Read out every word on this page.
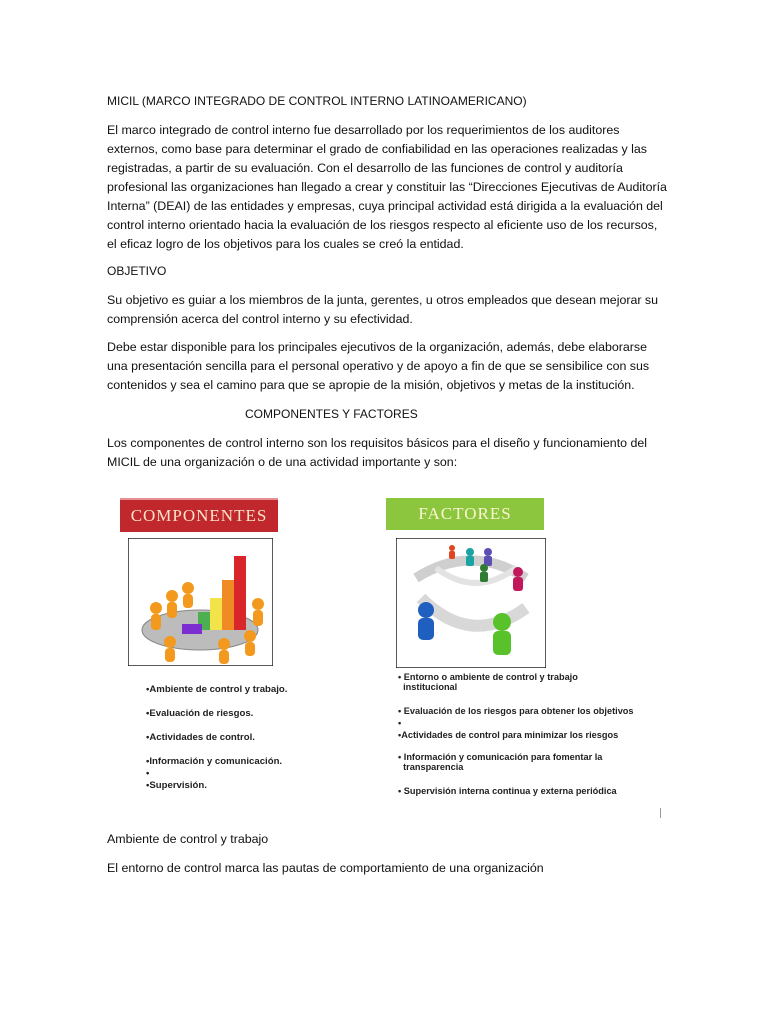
MICIL (MARCO INTEGRADO DE CONTROL INTERNO LATINOAMERICANO)

El marco integrado de control interno fue desarrollado por los requerimientos de los auditores externos, como base para determinar el grado de confiabilidad en las operaciones realizadas y las registradas, a partir de su evaluación. Con el desarrollo de las funciones de control y auditoría profesional las organizaciones han llegado a crear y constituir las “Direcciones Ejecutivas de Auditoría Interna” (DEAI) de las entidades y empresas, cuya principal actividad está dirigida a la evaluación del control interno orientado hacia la evaluación de los riesgos respecto al eficiente uso de los recursos, el eficaz logro de los objetivos para los cuales se creó la entidad.

OBJETIVO

Su objetivo es guiar a los miembros de la junta, gerentes, u otros empleados que desean mejorar su comprensión acerca del control interno y su efectividad.

Debe estar disponible para los principales ejecutivos de la organización, además, debe elaborarse una presentación sencilla para el personal operativo y de apoyo a fin de que se sensibilice con sus contenidos y sea el camino para que se apropie de la misión, objetivos y metas de la institución.

COMPONENTES Y FACTORES

Los componentes de control interno son los requisitos básicos para el diseño y funcionamiento del MICIL de una organización o de una actividad importante y son:

COMPONENTES
•Ambiente de control y trabajo.
•Evaluación de riesgos.
•Actividades de control.
•Información y comunicación.
•
•Supervisión.
FACTORES
• Entorno o ambiente de control y trabajo
institucional
• Evaluación de los riesgos para obtener los objetivos
•
•Actividades de control para minimizar los riesgos
• Información y comunicación para fomentar la
transparencia
• Supervisión interna continua y externa periódica

Ambiente de control y trabajo

El entorno de control marca las pautas de comportamiento de una organización
